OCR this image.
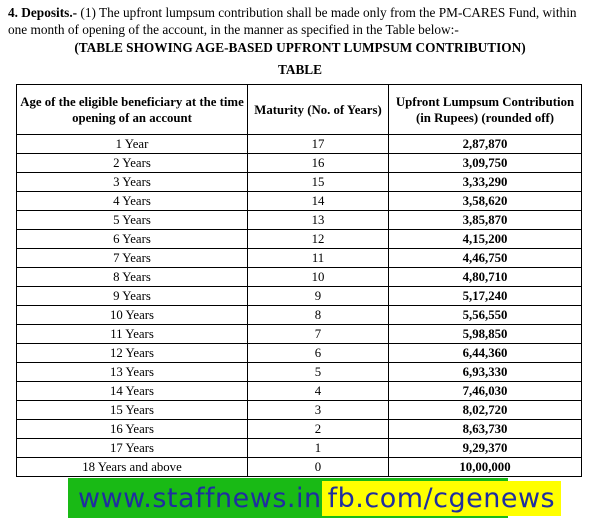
4. Deposits.- (1) The upfront lumpsum contribution shall be made only from the PM-CARES Fund, within one month of opening of the account, in the manner as specified in the Table below:-

(TABLE SHOWING AGE-BASED UPFRONT LUMPSUM CONTRIBUTION)

TABLE

Age of the eligible beneficiary at the time opening of an account	Maturity (No. of Years)	Upfront Lumpsum Contribution (in Rupees) (rounded off)
1 Year	17	2,87,870
2 Years	16	3,09,750
3 Years	15	3,33,290
4 Years	14	3,58,620
5 Years	13	3,85,870
6 Years	12	4,15,200
7 Years	11	4,46,750
8 Years	10	4,80,710
9 Years	9	5,17,240
10 Years	8	5,56,550
11 Years	7	5,98,850
12 Years	6	6,44,360
13 Years	5	6,93,330
14 Years	4	7,46,030
15 Years	3	8,02,720
16 Years	2	8,63,730
17 Years	1	9,29,370
18 Years and above	0	10,00,000
www.staffnews.in fb.com/cgenews
